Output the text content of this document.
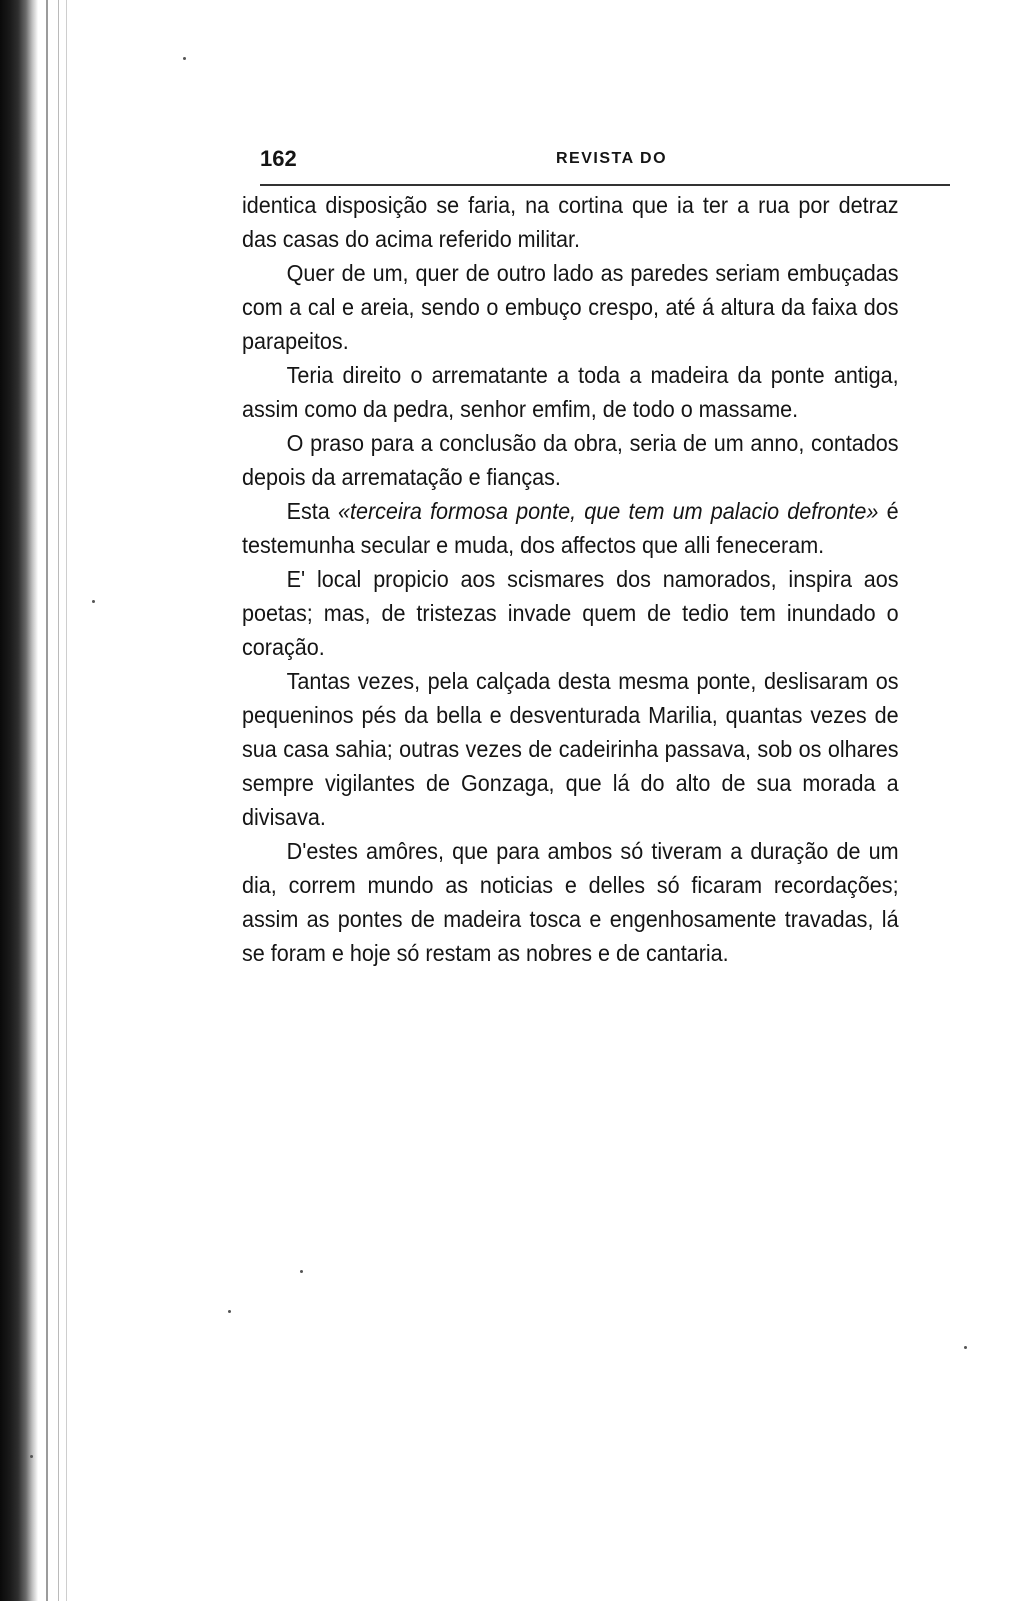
162	REVISTA DO

identica disposição se faria, na cortina que ia ter a rua por detraz das casas do acima referido militar.

Quer de um, quer de outro lado as paredes seriam embuçadas com a cal e areia, sendo o embuço crespo, até á altura da faixa dos parapeitos.

Teria direito o arrematante a toda a madeira da ponte antiga, assim como da pedra, senhor emfim, de todo o massame.

O praso para a conclusão da obra, seria de um anno, contados depois da arrematação e fianças.

Esta «terceira formosa ponte, que tem um palacio defronte» é testemunha secular e muda, dos affectos que alli feneceram.

E' local propicio aos scismares dos namorados, inspira aos poetas; mas, de tristezas invade quem de tedio tem inundado o coração.

Tantas vezes, pela calçada desta mesma ponte, deslisaram os pequeninos pés da bella e desventurada Marilia, quantas vezes de sua casa sahia; outras vezes de cadeirinha passava, sob os olhares sempre vigilantes de Gonzaga, que lá do alto de sua morada a divisava.

D'estes amôres, que para ambos só tiveram a duração de um dia, correm mundo as noticias e delles só ficaram recordações; assim as pontes de madeira tosca e engenhosamente travadas, lá se foram e hoje só restam as nobres e de cantaria.
